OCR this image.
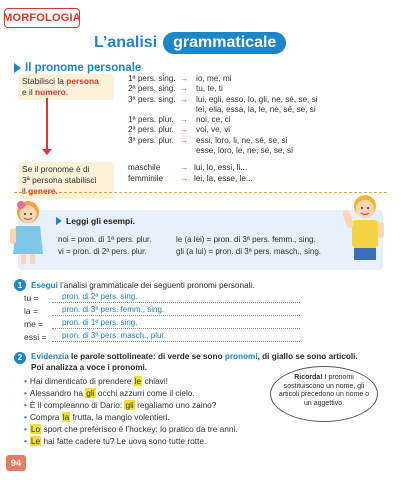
MORFOLOGIA
L’analisi	grammaticale
Il pronome personale
Stabilisci la persona
e il numero.
Se il pronome è di
3ª persona stabilisci
il genere.
1ª pers. sing. → io, me, mi
2ª pers. sing. → tu, te, ti
3ª pers. sing. → lui, egli, esso, lo, gli, ne, sé, se, si
lei, ella, essa, la, le, ne, sé, se, si
1ª pers. plur. → noi, ce, ci
2ª pers. plur. → voi, ve, vi
3ª pers. plur. → essi, loro, li, ne, sé, se, si
esse, loro, le, ne, sé, se, si
maschile	→ lui, lo, essi, li...
femminile	→ lei, la, esse, le...
Leggi gli esempi.
noi = pron. di 1ª pers. plur.	le (a lei) = pron. di 3ª pers. femm., sing.
vi = pron. di 2ª pers. plur.	gli (a lui) = pron. di 3ª pers. masch., sing.
1	Esegui l’analisi grammaticale dei seguenti pronomi personali.
tu =	pron. di 2ª pers. sing.
la =	pron. di 3ª pers. femm., sing.
me =	pron. di 1ª pers. sing.
essi =	pron. di 3ª pers. masch., plur.
2	Evidenzia le parole sottolineate: di verde se sono pronomi, di giallo se sono articoli.
Poi analizza a voce i pronomi.
• Hai dimenticato di prendere le chiavi!
• Alessandro ha gli occhi azzurri come il cielo.
• È il compleanno di Dario: gli regaliamo uno zaino?
• Compra la frutta, la mangio volentieri.
• Lo sport che preferisco è l’hockey: lo pratico da tre anni.
• Le hai fatte cadere tu? Le uova sono tutte rotte.
Ricorda! I pronomi sostituiscono un nome, gli articoli precedono un nome o un aggettivo.
94
